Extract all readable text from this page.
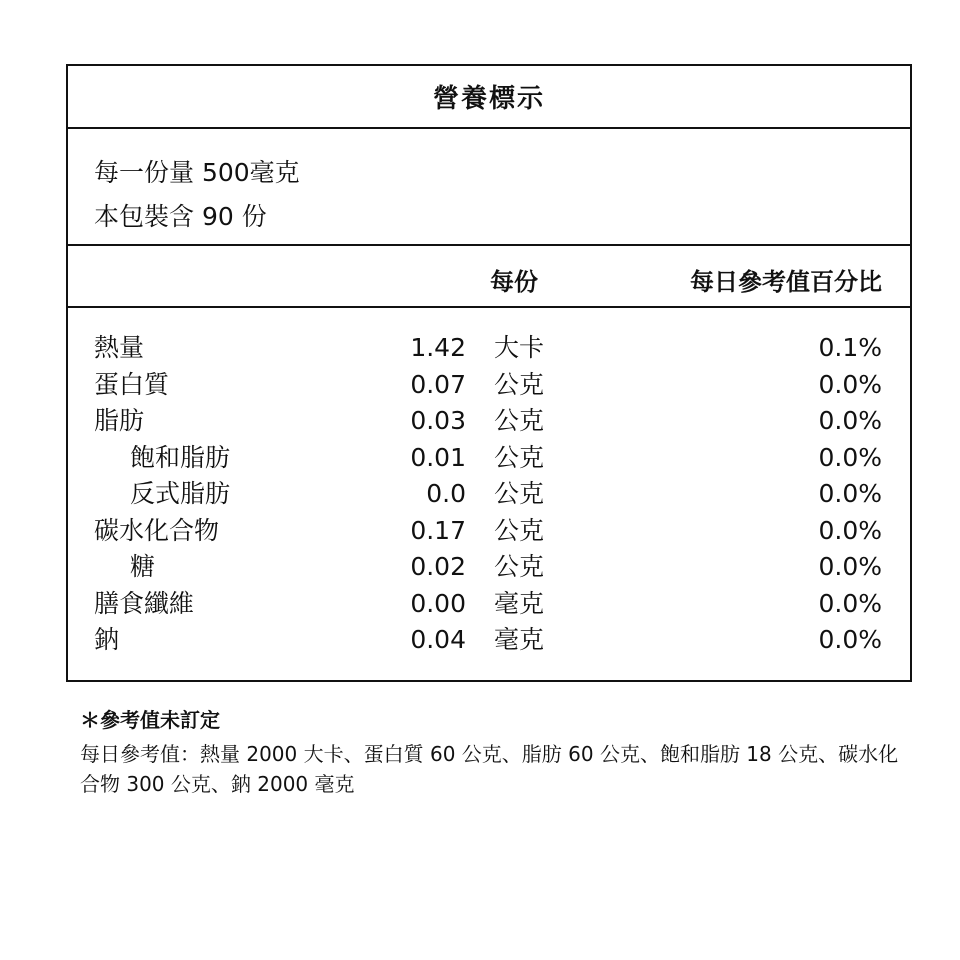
營養標示
每一份量 500毫克
本包裝含 90 份
每份	每日參考值百分比
熱量	1.42 大卡	0.1%
蛋白質	0.07 公克	0.0%
脂肪	0.03 公克	0.0%
飽和脂肪	0.01 公克	0.0%
反式脂肪	0.0 公克	0.0%
碳水化合物	0.17 公克	0.0%
糖	0.02 公克	0.0%
膳食纖維	0.00 毫克	0.0%
鈉	0.04 毫克	0.0%
＊參考值未訂定
每日參考值：熱量 2000 大卡、蛋白質 60 公克、脂肪 60 公克、飽和脂肪 18 公克、碳水化合物 300 公克、鈉 2000 毫克
